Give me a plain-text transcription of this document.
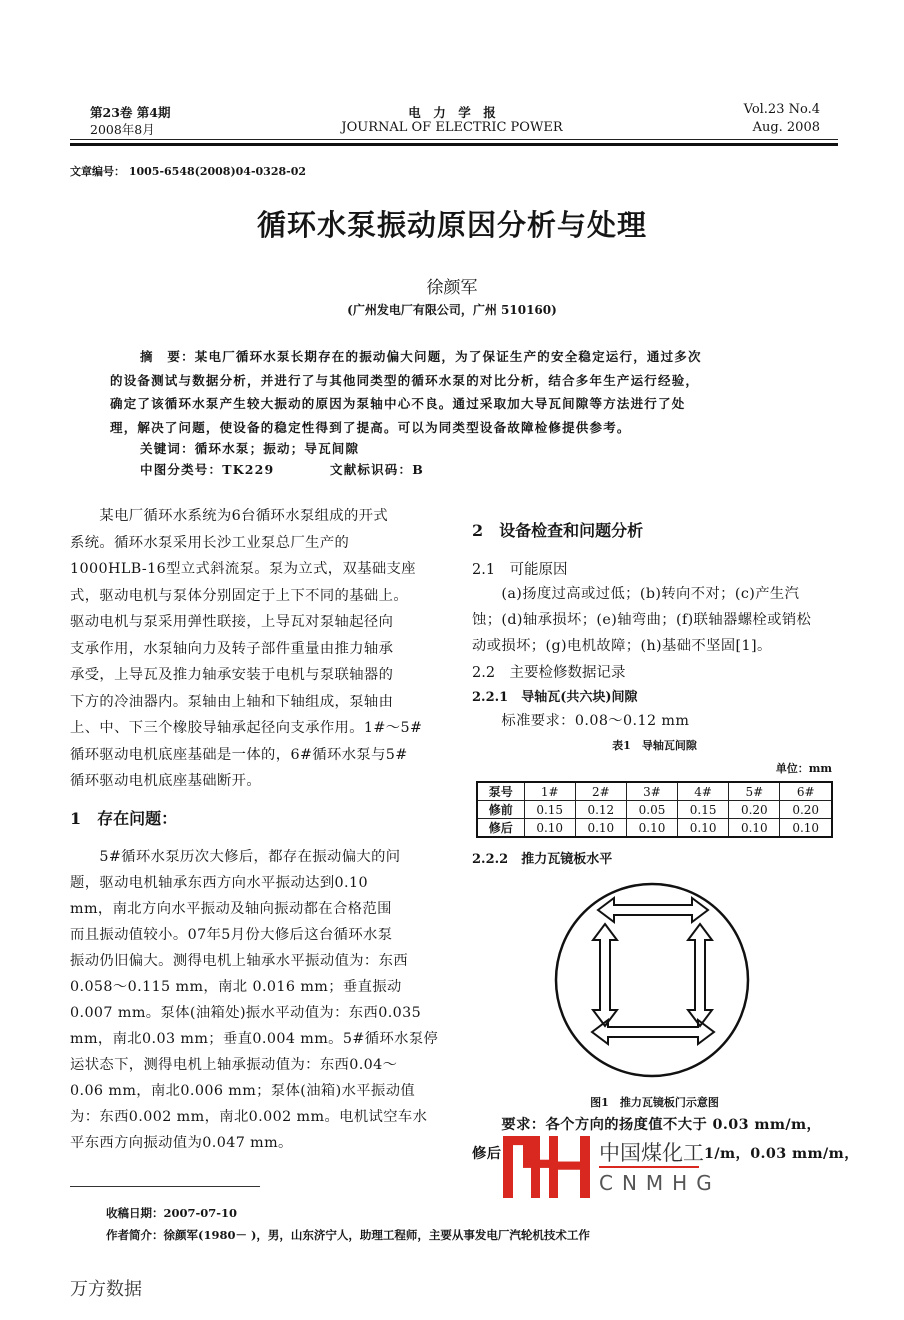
第23卷 第4期
2008年8月
电　力　学　报
JOURNAL OF ELECTRIC POWER
Vol.23 No.4
Aug. 2008
文章编号： 1005-6548(2008)04-0328-02
循环水泵振动原因分析与处理
徐颜军
(广州发电厂有限公司，广州 510160)
摘　要：某电厂循环水泵长期存在的振动偏大问题，为了保证生产的安全稳定运行，通过多次
的设备测试与数据分析，并进行了与其他同类型的循环水泵的对比分析，结合多年生产运行经验，
确定了该循环水泵产生较大振动的原因为泵轴中心不良。通过采取加大导瓦间隙等方法进行了处
理，解决了问题，使设备的稳定性得到了提高。可以为同类型设备故障检修提供参考。
关键词：循环水泵；振动；导瓦间隙
中图分类号：TK229	文献标识码：B
　　某电厂循环水系统为6台循环水泵组成的开式
系统。循环水泵采用长沙工业泵总厂生产的
1000HLB-16型立式斜流泵。泵为立式，双基础支座
式，驱动电机与泵体分别固定于上下不同的基础上。
驱动电机与泵采用弹性联接，上导瓦对泵轴起径向
支承作用，水泵轴向力及转子部件重量由推力轴承
承受，上导瓦及推力轴承安装于电机与泵联轴器的
下方的冷油器内。泵轴由上轴和下轴组成，泵轴由
上、中、下三个橡胶导轴承起径向支承作用。1#～5#
循环驱动电机底座基础是一体的，6#循环水泵与5#
循环驱动电机底座基础断开。
　　5#循环水泵历次大修后，都存在振动偏大的问
题，驱动电机轴承东西方向水平振动达到0.10
mm，南北方向水平振动及轴向振动都在合格范围
而且振动值较小。07年5月份大修后这台循环水泵
振动仍旧偏大。测得电机上轴承水平振动值为：东西
0.058～0.115 mm，南北 0.016 mm；垂直振动
0.007 mm。泵体(油箱处)振水平动值为：东西0.035
mm，南北0.03 mm；垂直0.004 mm。5#循环水泵停
运状态下，测得电机上轴承振动值为：东西0.04～
0.06 mm，南北0.006 mm；泵体(油箱)水平振动值
为：东西0.002 mm，南北0.002 mm。电机试空车水
平东西方向振动值为0.047 mm。
1　存在问题：
2　设备检查和问题分析
2.1　可能原因
　　(a)扬度过高或过低；(b)转向不对；(c)产生汽
蚀；(d)轴承损坏；(e)轴弯曲；(f)联轴器螺栓或销松
动或损坏；(g)电机故障；(h)基础不坚固[1]。
2.2　主要检修数据记录
2.2.1　导轴瓦(共六块)间隙
　　标准要求：0.08～0.12 mm
表1　导轴瓦间隙
单位：mm
泵号	1#	2#	3#	4#	5#	6#
修前	0.15	0.12	0.05	0.15	0.20	0.20
修后	0.10	0.10	0.10	0.10	0.10	0.10
2.2.2　推力瓦镜板水平
图1　推力瓦镜板门示意图
　　要求：各个方向的扬度值不大于 0.03 mm/m，
修后	1/m，0.03 mm/m，
中国煤化工
CNMHG
收稿日期：2007-07-10
作者简介：徐颜军(1980－ )，男，山东济宁人，助理工程师，主要从事发电厂汽轮机技术工作
万方数据
